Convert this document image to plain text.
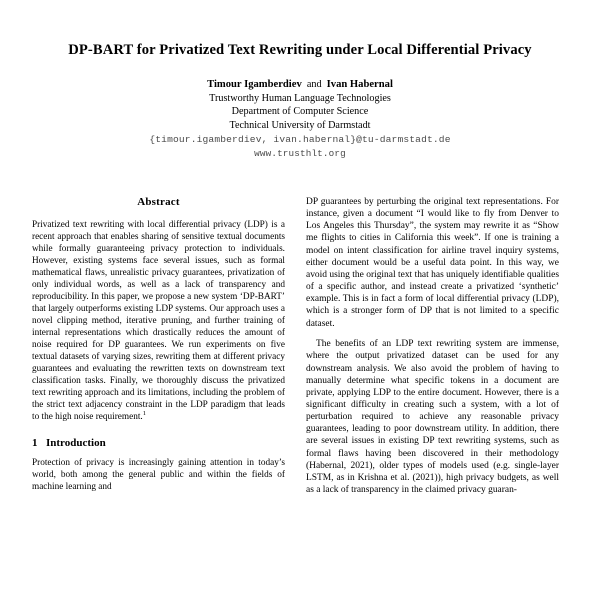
DP-BART for Privatized Text Rewriting under Local Differential Privacy
Timour Igamberdiev and Ivan Habernal
Trustworthy Human Language Technologies
Department of Computer Science
Technical University of Darmstadt
{timour.igamberdiev, ivan.habernal}@tu-darmstadt.de
www.trusthlt.org
Abstract

Privatized text rewriting with local differential privacy (LDP) is a recent approach that enables sharing of sensitive textual documents while formally guaranteeing privacy protection to individuals. However, existing systems face several issues, such as formal mathematical flaws, unrealistic privacy guarantees, privatization of only individual words, as well as a lack of transparency and reproducibility. In this paper, we propose a new system ‘DP-BART’ that largely outperforms existing LDP systems. Our approach uses a novel clipping method, iterative pruning, and further training of internal representations which drastically reduces the amount of noise required for DP guarantees. We run experiments on five textual datasets of varying sizes, rewriting them at different privacy guarantees and evaluating the rewritten texts on downstream text classification tasks. Finally, we thoroughly discuss the privatized text rewriting approach and its limitations, including the problem of the strict text adjacency constraint in the LDP paradigm that leads to the high noise requirement.$^1$

1 Introduction

Protection of privacy is increasingly gaining attention in today’s world, both among the general public and within the fields of machine learning and

DP guarantees by perturbing the original text representations. For instance, given a document “I would like to fly from Denver to Los Angeles this Thursday”, the system may rewrite it as “Show me flights to cities in California this week”. If one is training a model on intent classification for airline travel inquiry systems, either document would be a useful data point. In this way, we avoid using the original text that has uniquely identifiable qualities of a specific author, and instead create a privatized ‘synthetic’ example. This is in fact a form of local differential privacy (LDP), which is a stronger form of DP that is not limited to a specific dataset.

The benefits of an LDP text rewriting system are immense, where the output privatized dataset can be used for any downstream analysis. We also avoid the problem of having to manually determine what specific tokens in a document are private, applying LDP to the entire document. However, there is a significant difficulty in creating such a system, with a lot of perturbation required to achieve any reasonable privacy guarantees, leading to poor downstream utility. In addition, there are several issues in existing DP text rewriting systems, such as formal flaws having been discovered in their methodology (Habernal, 2021), older types of models used (e.g. single-layer LSTM, as in Krishna et al. (2021)), high privacy budgets, as well as a lack of transparency in the claimed privacy guaran-
